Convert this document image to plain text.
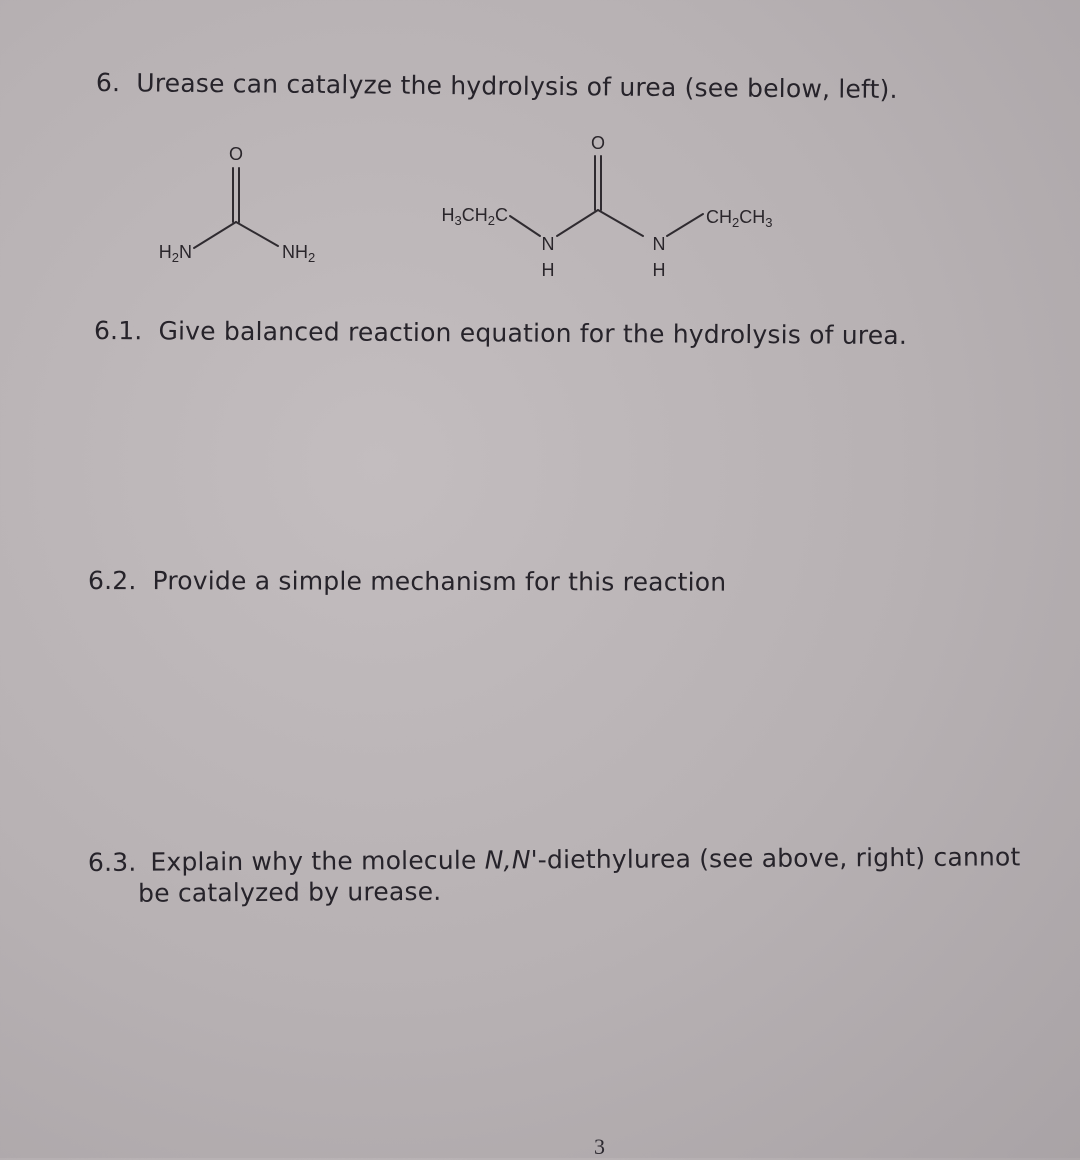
6. Urease can catalyze the hydrolysis of urea (see below, left).
O
H2N	NH2
O
H3CH2C	CH2CH3
N
H
N
H
6.1. Give balanced reaction equation for the hydrolysis of urea.
6.2. Provide a simple mechanism for this reaction
6.3. Explain why the molecule N,N'-diethylurea (see above, right) cannot
be catalyzed by urease.
3
